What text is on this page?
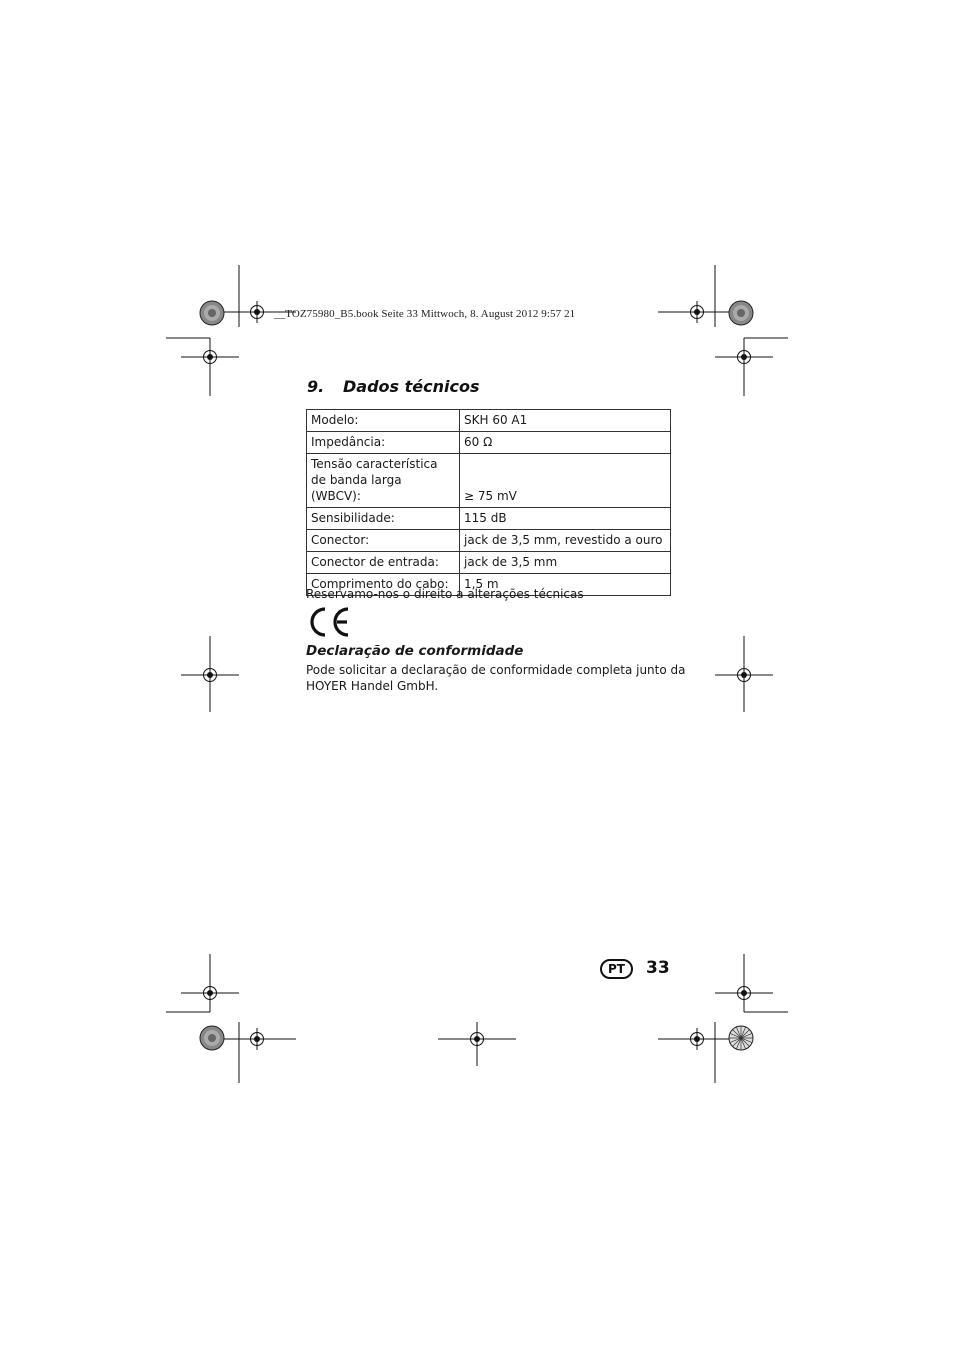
__TOZ75980_B5.book Seite 33 Mittwoch, 8. August 2012 9:57 21
9. Dados técnicos
Modelo:	SKH 60 A1
Impedância:	60 Ω
Tensão característica de banda larga (WBCV):	≥ 75 mV
Sensibilidade:	115 dB
Conector:	jack de 3,5 mm, revestido a ouro
Conector de entrada:	jack de 3,5 mm
Comprimento do cabo:	1,5 m
Reservamo-nos o direito a alterações técnicas
Declaração de conformidade
Pode solicitar a declaração de conformidade completa junto da HOYER Handel GmbH.
PT	33
